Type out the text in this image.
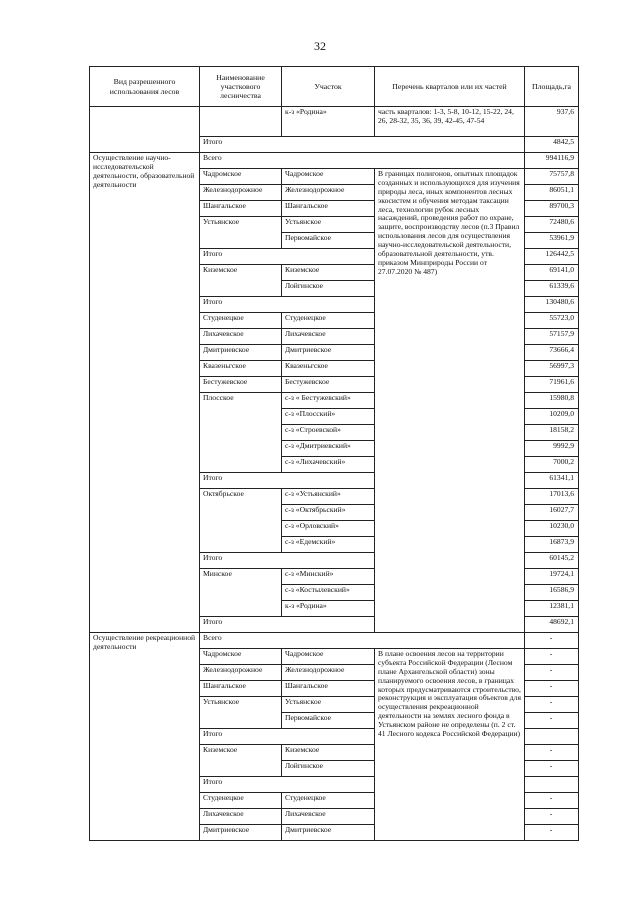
32
Вид разрешенного использования лесов	Наименование участкового лесничества	Участок	Перечень кварталов или их частей	Площадь,га
		к-з «Родина»	часть кварталов: 1-3, 5-8, 10-12, 15-22, 24, 26, 28-32, 35, 36, 39, 42-45, 47-54	937,6
	Итого			4842,5
Осуществление научно-исследовательской деятельности, образовательной деятельности	Всего			994116,9
	Чадромское	Чадромское	В границах полигонов, опытных площадок созданных и использующихся для изучения природы леса, иных компонентов лесных экосистем и обучения методам таксации леса, технологии рубок лесных насаждений, проведения работ по охране, защите, воспроизводству лесов (п.3 Правил использования лесов для осуществления научно-исследовательской деятельности, образовательной деятельности, утв. приказом Минприроды России от 27.07.2020 № 487)	75757,8
	Железнодорожное	Железнодорожное		86051,1
	Шангальское	Шангальское		89700,3
	Устьянское	Устьянское		72480,6
		Первомайское		53961,9
	Итого			126442,5
	Киземское	Киземское		69141,0
		Лойгинское		61339,6
	Итого			130480,6
	Студенецкое	Студенецкое		55723,0
	Лихачевское	Лихачевское		57157,9
	Дмитриевское	Дмитриевское		73666,4
	Квазеньгское	Квазеньгское		56997,3
	Бестужевское	Бестужевское		71961,6
	Плосское	с-з « Бестужевский»		15980,8
		с-з «Плосский»		10209,0
		с-з «Строевской»		18158,2
		с-з «Дмитриевский»		9992,9
		с-з «Лихачевский»		7000,2
	Итого			61341,1
	Октябрьское	с-з «Устьянский»		17013,6
		с-з «Октябрьский»		16027,7
		с-з «Орловский»		10230,0
		с-з «Едемский»		16873,9
	Итого			60145,2
	Минское	с-з «Минский»		19724,1
		с-з «Костылевский»		16586,9
		к-з «Родина»		12381,1
	Итого			48692,1
Осуществление рекреационной деятельности	Всего			-
	Чадромское	Чадромское	В плане освоения лесов на территории субъекта Российской Федерации (Лесном плане Архангельской области) зоны планируемого освоения лесов, в границах которых предусматриваются строительство, реконструкция и эксплуатация объектов для осуществления рекреационной деятельности на землях лесного фонда в Устьянском районе не определены (п. 2 ст. 41 Лесного кодекса Российской Федерации)	-
	Железнодорожное	Железнодорожное		-
	Шангальское	Шангальское		-
	Устьянское	Устьянское		-
		Первомайское		-
	Итого			
	Киземское	Киземское		-
		Лойгинское		-
	Итого			
	Студенецкое	Студенецкое		-
	Лихачевское	Лихачевское		-
	Дмитриевское	Дмитриевское		-
